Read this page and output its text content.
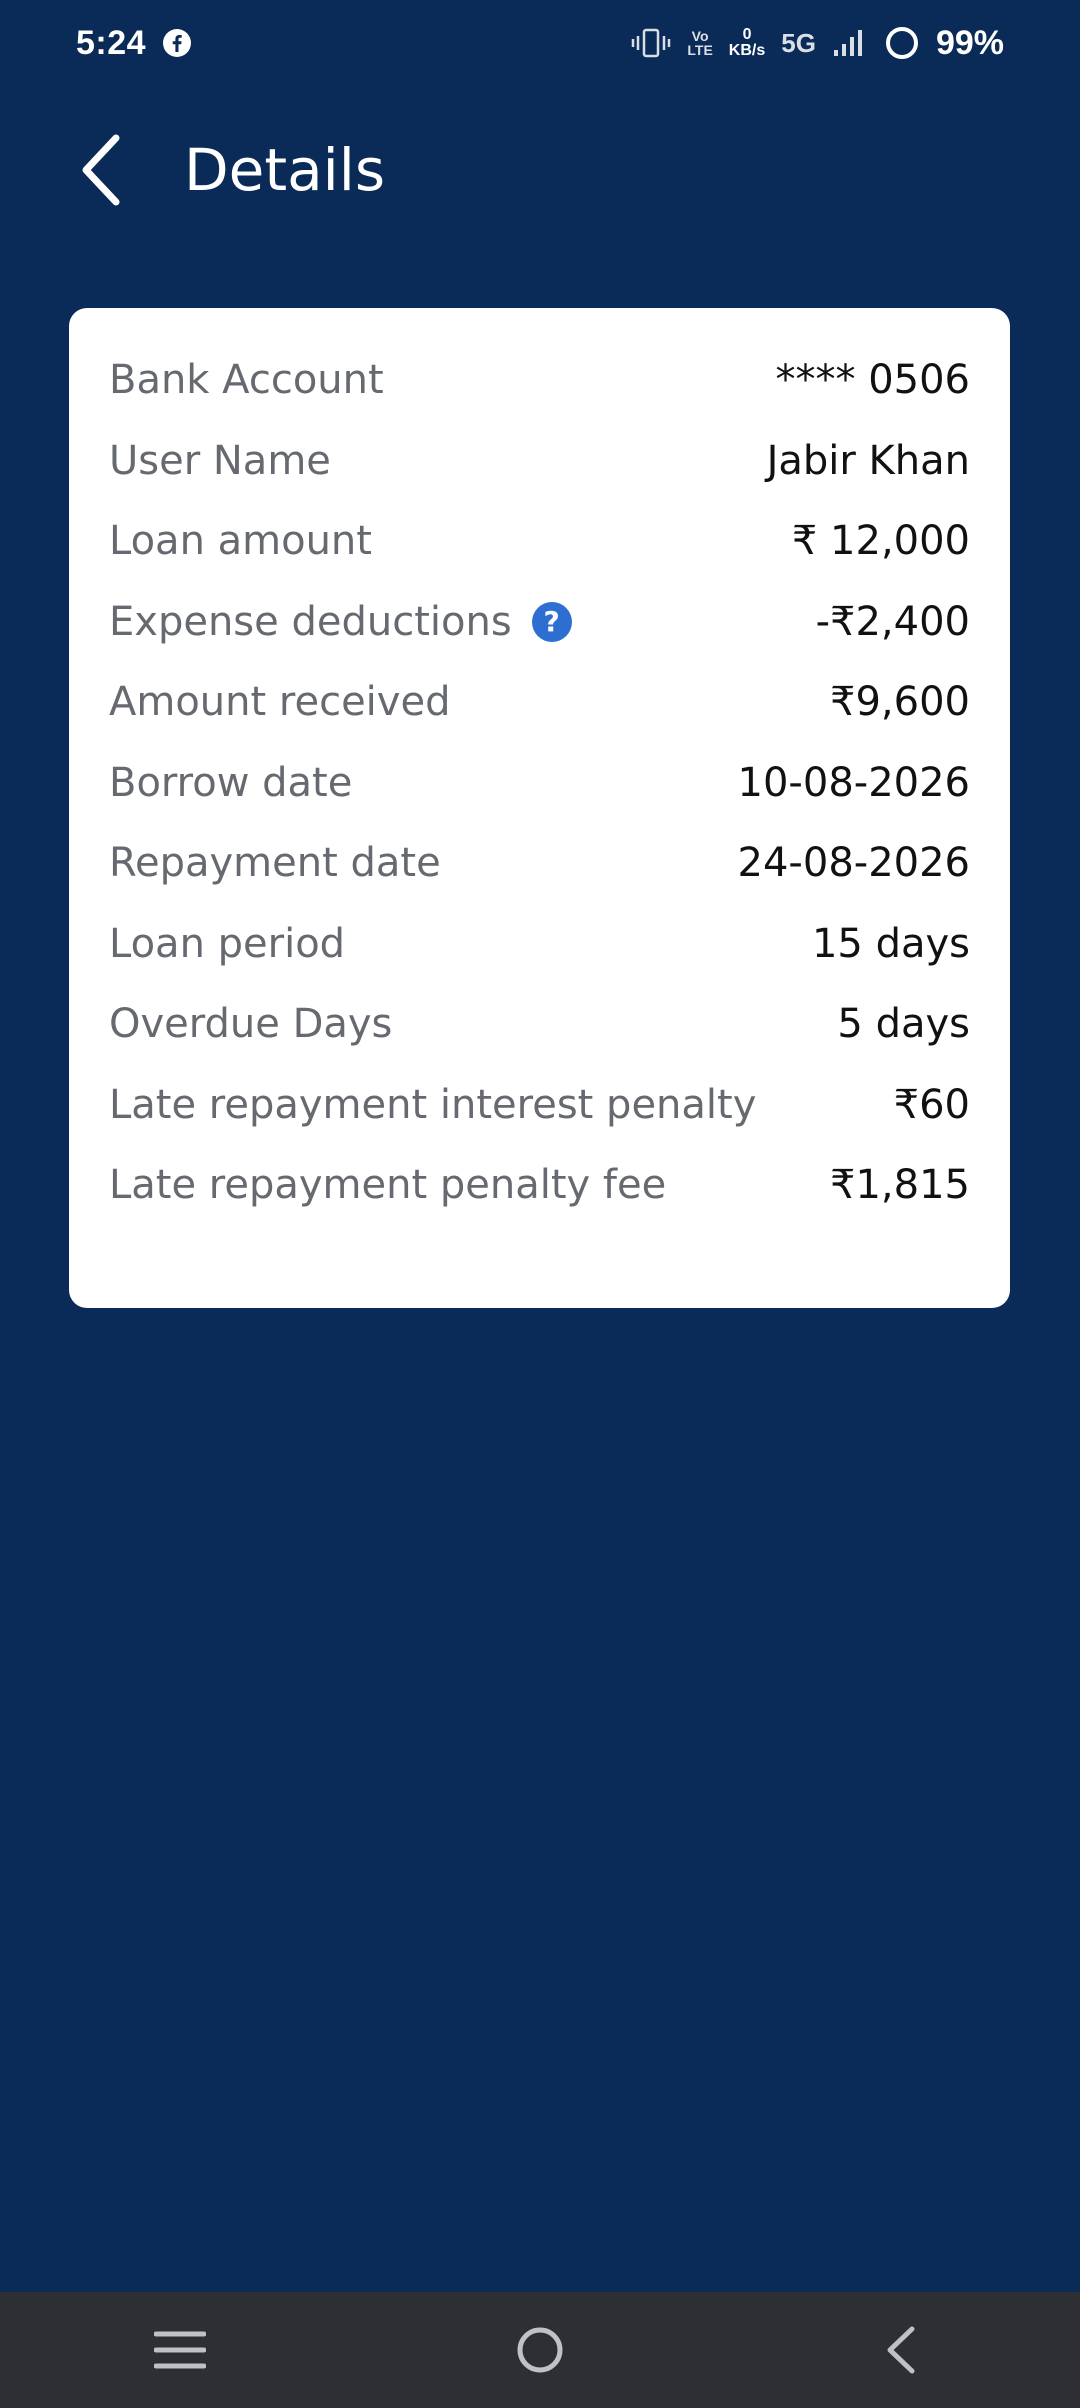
5:24	Vo
LTE
0
KB/s 5G	99%
Details
Bank Account	**** 0506
User Name	Jabir Khan
Loan amount	₹ 12,000
Expense deductions	?	-₹2,400
Amount received	₹9,600
Borrow date	10-08-2026
Repayment date	24-08-2026
Loan period	15 days
Overdue Days	5 days
Late repayment interest penalty	₹60
Late repayment penalty fee	₹1,815
